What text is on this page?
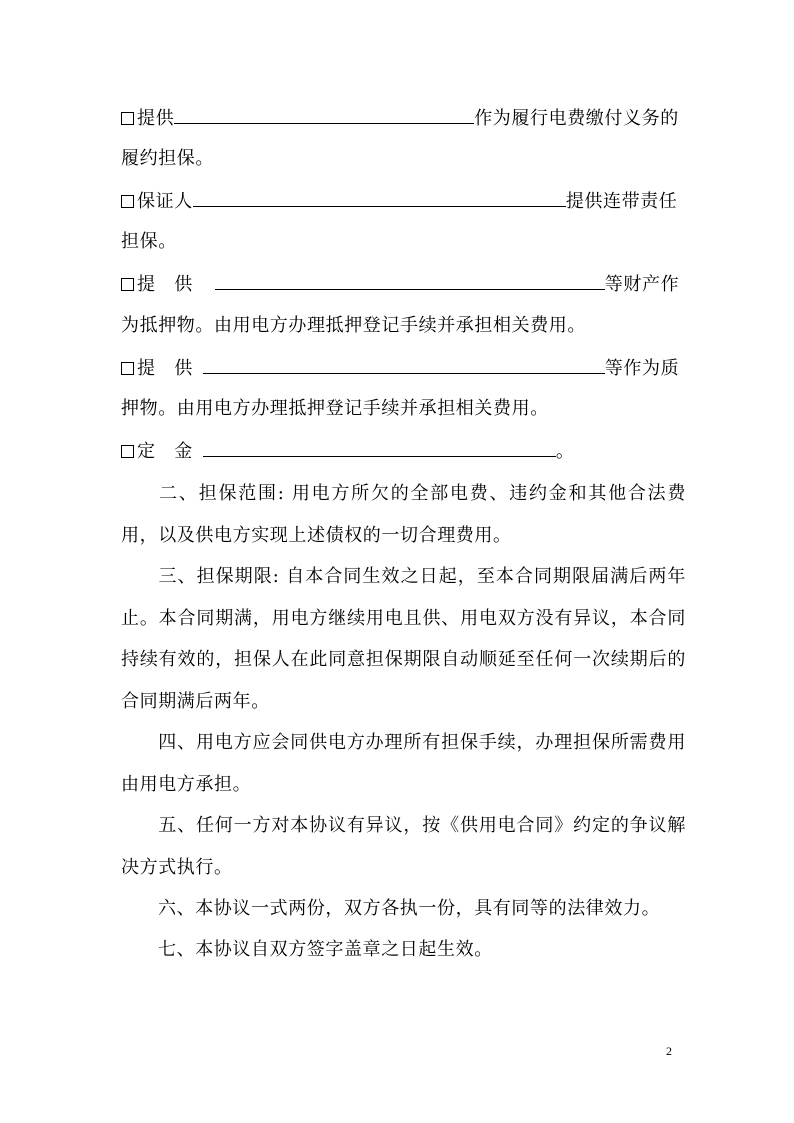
提供	作为履行电费缴付义务的
履约担保。
保证人	提供连带责任
担保。
提　供	等财产作
为抵押物。由用电方办理抵押登记手续并承担相关费用。
提　供	等作为质
押物。由用电方办理抵押登记手续并承担相关费用。
定　金	。

二、担保范围: 用电方所欠的全部电费、违约金和其他合法费用，以及供电方实现上述债权的一切合理费用。

三、担保期限: 自本合同生效之日起，至本合同期限届满后两年止。本合同期满，用电方继续用电且供、用电双方没有异议，本合同持续有效的，担保人在此同意担保期限自动顺延至任何一次续期后的合同期满后两年。

四、用电方应会同供电方办理所有担保手续，办理担保所需费用由用电方承担。

五、任何一方对本协议有异议，按《供用电合同》约定的争议解决方式执行。

六、本协议一式两份，双方各执一份，具有同等的法律效力。

七、本协议自双方签字盖章之日起生效。

2
